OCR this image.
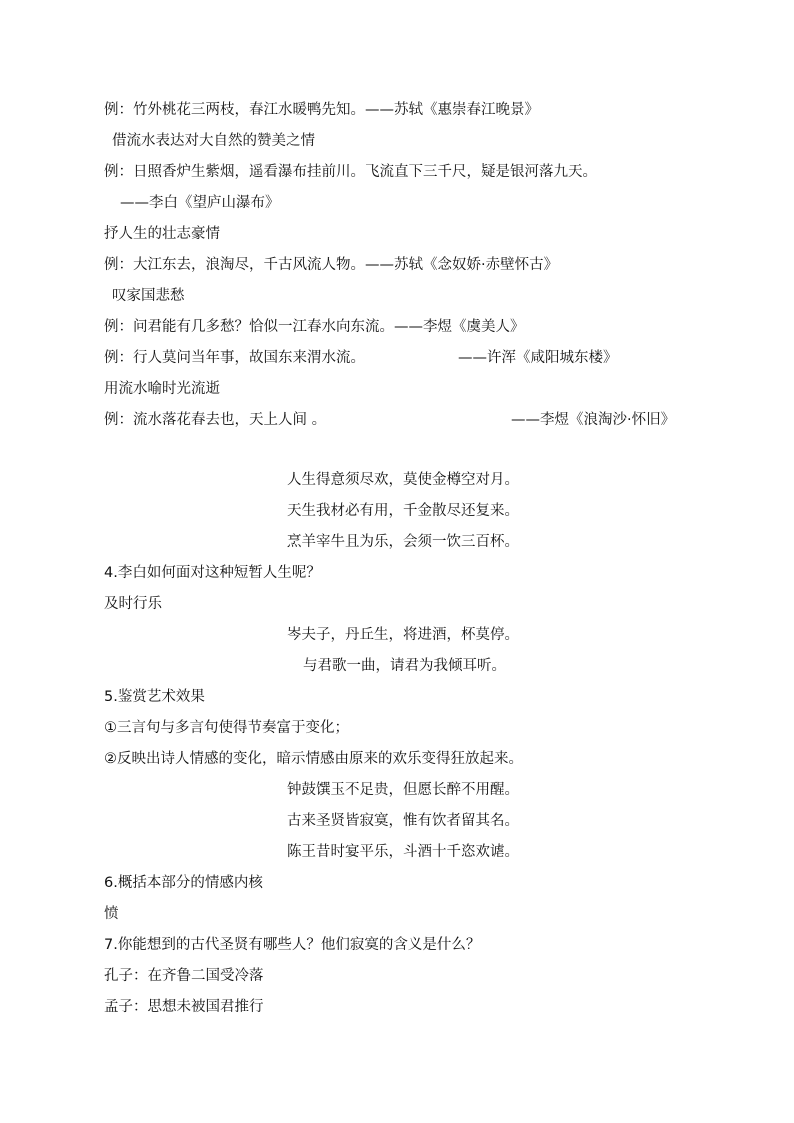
例：竹外桃花三两枝，春江水暖鸭先知。——苏轼《惠崇春江晚景》
借流水表达对大自然的赞美之情
例：日照香炉生紫烟，遥看瀑布挂前川。飞流直下三千尺，疑是银河落九天。
——李白《望庐山瀑布》
抒人生的壮志豪情
例：大江东去，浪淘尽，千古风流人物。——苏轼《念奴娇·赤壁怀古》
叹家国悲愁
例：问君能有几多愁？恰似一江春水向东流。——李煜《虞美人》
例：行人莫问当年事，故国东来渭水流。	——许浑《咸阳城东楼》
用流水喻时光流逝
例：流水落花春去也，天上人间 。	——李煜《浪淘沙·怀旧》
人生得意须尽欢，莫使金樽空对月。
天生我材必有用，千金散尽还复来。
烹羊宰牛且为乐，会须一饮三百杯。
4.李白如何面对这种短暂人生呢？
及时行乐
岑夫子，丹丘生，将进酒，杯莫停。
与君歌一曲，请君为我倾耳听。
5.鉴赏艺术效果
①三言句与多言句使得节奏富于变化；
②反映出诗人情感的变化，暗示情感由原来的欢乐变得狂放起来。
钟鼓馔玉不足贵，但愿长醉不用醒。
古来圣贤皆寂寞，惟有饮者留其名。
陈王昔时宴平乐，斗酒十千恣欢谑。
6.概括本部分的情感内核
愤
7.你能想到的古代圣贤有哪些人？他们寂寞的含义是什么？
孔子：在齐鲁二国受冷落
孟子：思想未被国君推行
